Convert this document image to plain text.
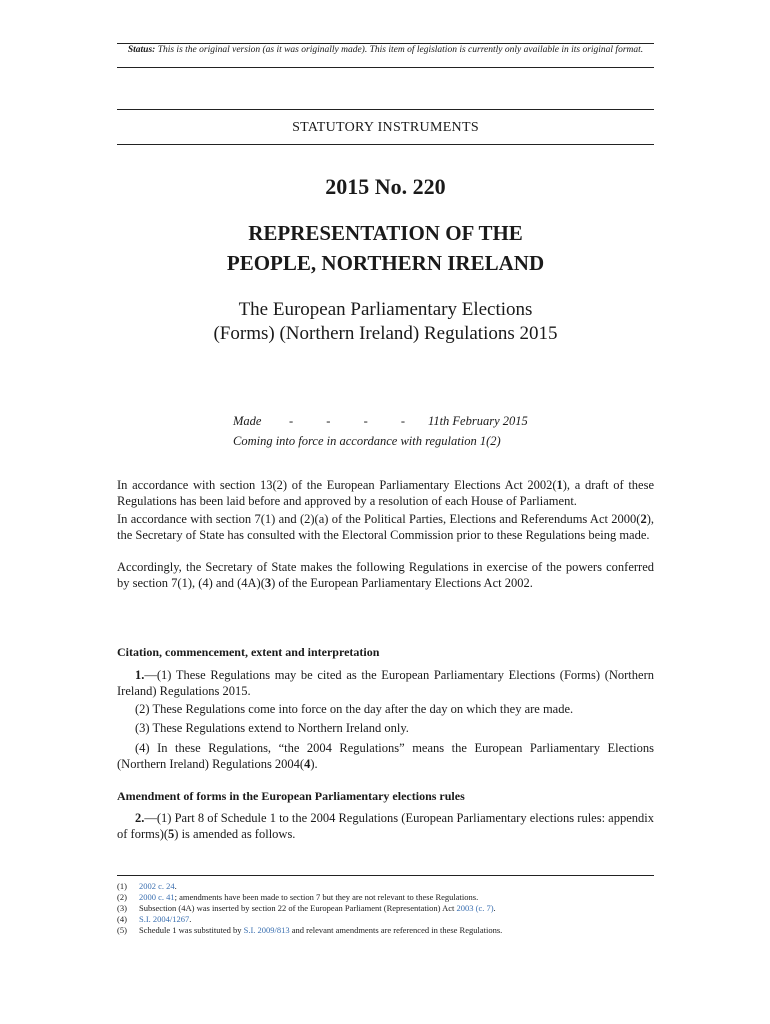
Status: This is the original version (as it was originally made). This item of legislation is currently only available in its original format.
STATUTORY INSTRUMENTS
2015 No. 220
REPRESENTATION OF THE
PEOPLE, NORTHERN IRELAND
The European Parliamentary Elections
(Forms) (Northern Ireland) Regulations 2015
Made - - - - 11th February 2015
Coming into force in accordance with regulation 1(2)
In accordance with section 13(2) of the European Parliamentary Elections Act 2002(1), a draft of these Regulations has been laid before and approved by a resolution of each House of Parliament.
In accordance with section 7(1) and (2)(a) of the Political Parties, Elections and Referendums Act 2000(2), the Secretary of State has consulted with the Electoral Commission prior to these Regulations being made.
Accordingly, the Secretary of State makes the following Regulations in exercise of the powers conferred by section 7(1), (4) and (4A)(3) of the European Parliamentary Elections Act 2002.
Citation, commencement, extent and interpretation
1.—(1) These Regulations may be cited as the European Parliamentary Elections (Forms) (Northern Ireland) Regulations 2015.
(2) These Regulations come into force on the day after the day on which they are made.
(3) These Regulations extend to Northern Ireland only.
(4) In these Regulations, “the 2004 Regulations” means the European Parliamentary Elections (Northern Ireland) Regulations 2004(4).
Amendment of forms in the European Parliamentary elections rules
2.—(1) Part 8 of Schedule 1 to the 2004 Regulations (European Parliamentary elections rules: appendix of forms)(5) is amended as follows.
(1) 2002 c. 24.
(2) 2000 c. 41; amendments have been made to section 7 but they are not relevant to these Regulations.
(3) Subsection (4A) was inserted by section 22 of the European Parliament (Representation) Act 2003 (c. 7).
(4) S.I. 2004/1267.
(5) Schedule 1 was substituted by S.I. 2009/813 and relevant amendments are referenced in these Regulations.
